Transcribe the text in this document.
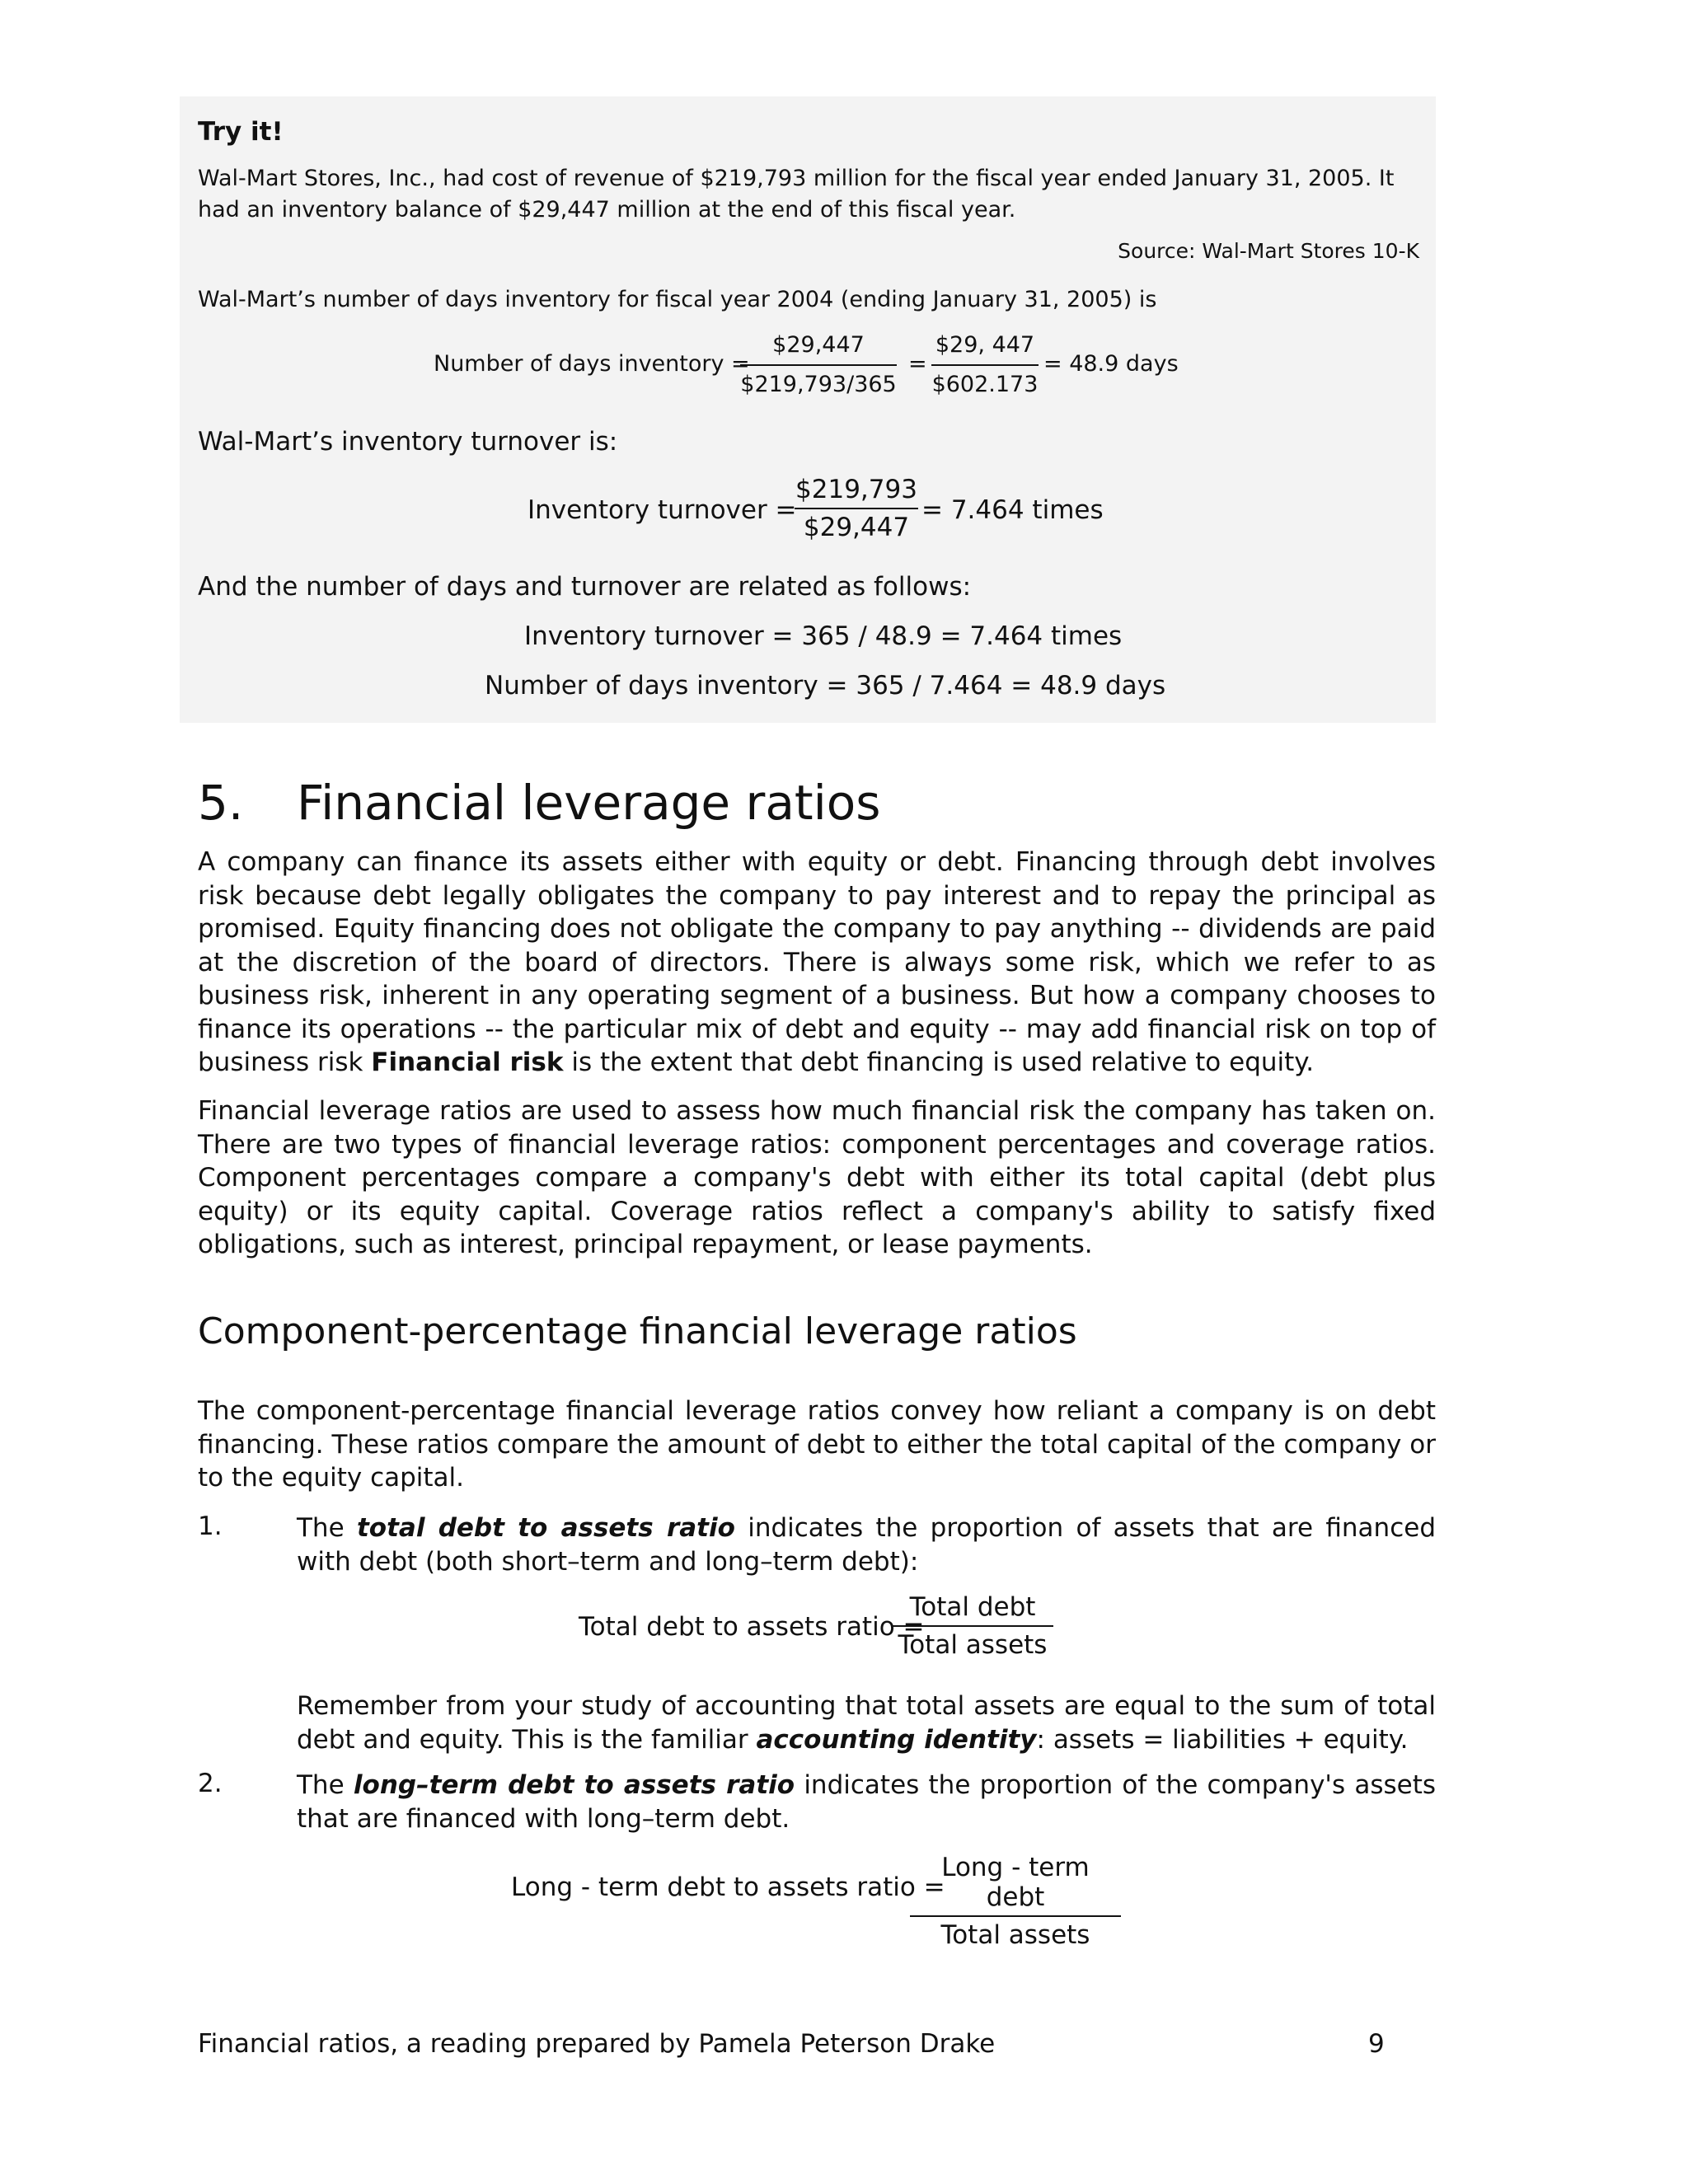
Try it!
Wal-Mart Stores, Inc., had cost of revenue of $219,793 million for the fiscal year ended January 31, 2005. It had an inventory balance of $29,447 million at the end of this fiscal year.
Source: Wal-Mart Stores 10-K
Wal-Mart’s number of days inventory for fiscal year 2004 (ending January 31, 2005) is
Number of days inventory =
$29,447
$219,793/365
=
$29, 447
$602.173
= 48.9 days
Wal-Mart’s inventory turnover is:
Inventory turnover =
$219,793
$29,447
= 7.464 times
And the number of days and turnover are related as follows:
Inventory turnover = 365 / 48.9 = 7.464 times
Number of days inventory = 365 / 7.464 = 48.9 days
5. Financial leverage ratios
A company can finance its assets either with equity or debt. Financing through debt involves risk because debt legally obligates the company to pay interest and to repay the principal as promised. Equity financing does not obligate the company to pay anything -- dividends are paid at the discretion of the board of directors. There is always some risk, which we refer to as business risk, inherent in any operating segment of a business. But how a company chooses to finance its operations -- the particular mix of debt and equity -- may add financial risk on top of business risk Financial risk is the extent that debt financing is used relative to equity.
Financial leverage ratios are used to assess how much financial risk the company has taken on. There are two types of financial leverage ratios: component percentages and coverage ratios. Component percentages compare a company's debt with either its total capital (debt plus equity) or its equity capital. Coverage ratios reflect a company's ability to satisfy fixed obligations, such as interest, principal repayment, or lease payments.
Component-percentage financial leverage ratios
The component-percentage financial leverage ratios convey how reliant a company is on debt financing. These ratios compare the amount of debt to either the total capital of the company or to the equity capital.
1.	The total debt to assets ratio indicates the proportion of assets that are financed with debt (both short–term and long–term debt):
Total debt to assets ratio =
Total debt
Total assets
Remember from your study of accounting that total assets are equal to the sum of total debt and equity. This is the familiar accounting identity: assets = liabilities + equity.
2.	The long–term debt to assets ratio indicates the proportion of the company's assets that are financed with long–term debt.
Long - term debt to assets ratio =
Long - term debt
Total assets
Financial ratios, a reading prepared by Pamela Peterson Drake	9
